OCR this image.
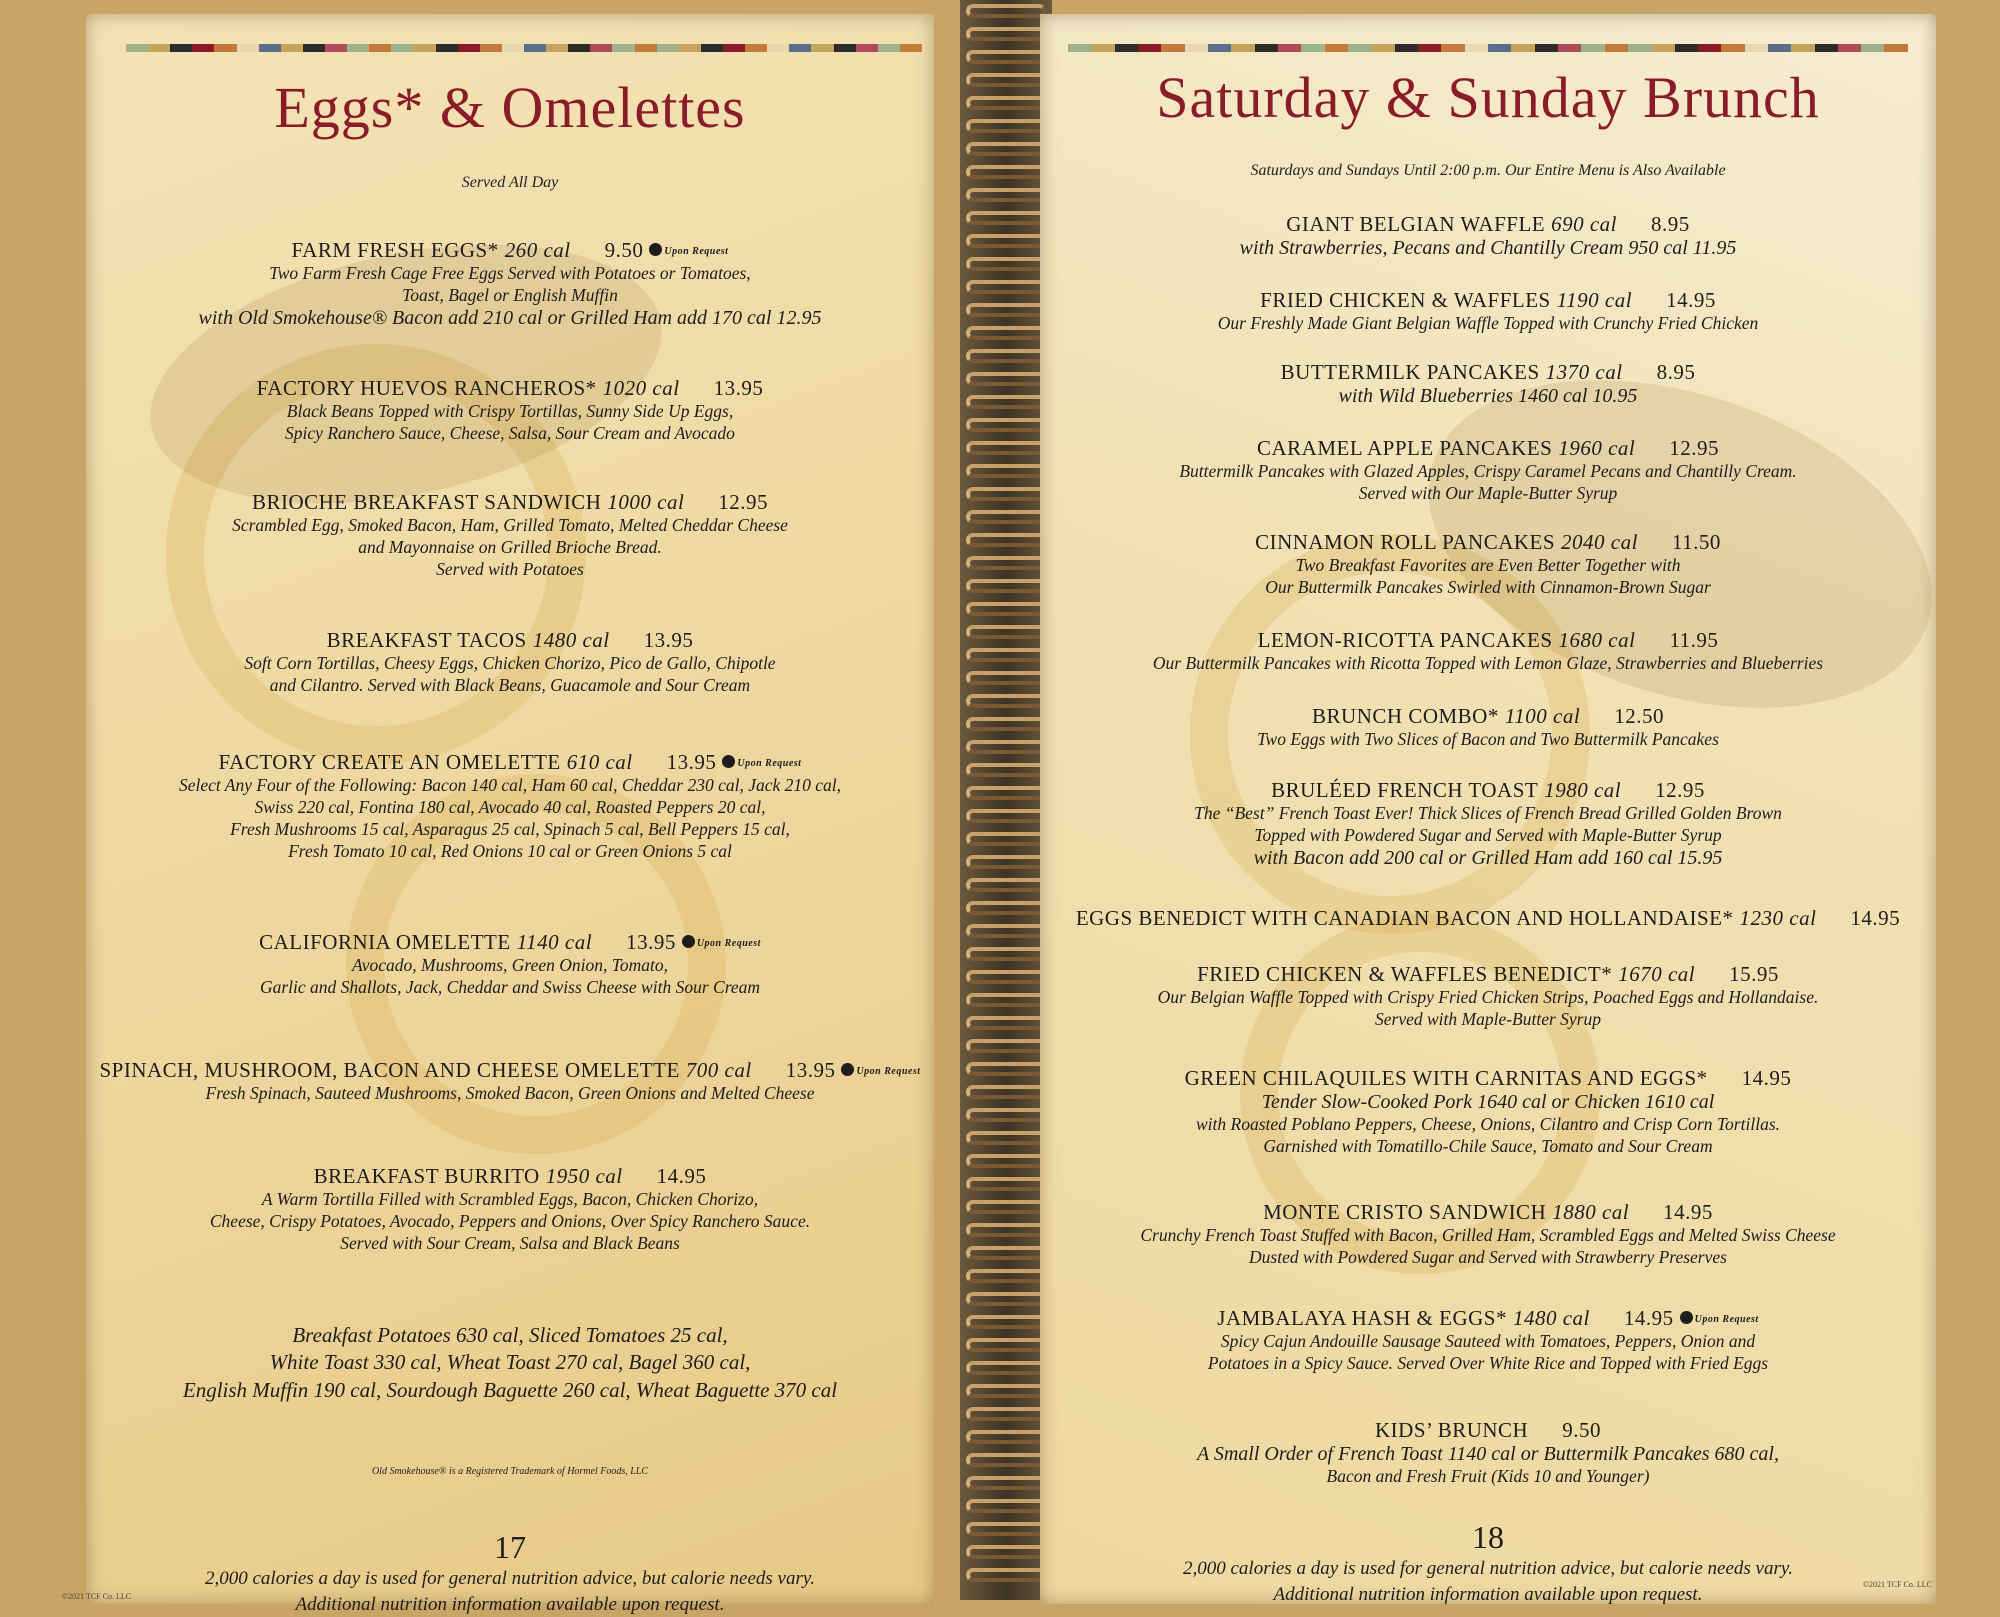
Eggs* & Omelettes
Served All Day
FARM FRESH EGGS* 260 cal 9.50 Upon Request
Two Farm Fresh Cage Free Eggs Served with Potatoes or Tomatoes,
Toast, Bagel or English Muffin
with Old Smokehouse® Bacon add 210 cal or Grilled Ham add 170 cal 12.95
FACTORY HUEVOS RANCHEROS* 1020 cal 13.95
Black Beans Topped with Crispy Tortillas, Sunny Side Up Eggs,
Spicy Ranchero Sauce, Cheese, Salsa, Sour Cream and Avocado
BRIOCHE BREAKFAST SANDWICH 1000 cal 12.95
Scrambled Egg, Smoked Bacon, Ham, Grilled Tomato, Melted Cheddar Cheese
and Mayonnaise on Grilled Brioche Bread.
Served with Potatoes
BREAKFAST TACOS 1480 cal 13.95
Soft Corn Tortillas, Cheesy Eggs, Chicken Chorizo, Pico de Gallo, Chipotle
and Cilantro. Served with Black Beans, Guacamole and Sour Cream
FACTORY CREATE AN OMELETTE 610 cal 13.95 Upon Request
Select Any Four of the Following: Bacon 140 cal, Ham 60 cal, Cheddar 230 cal, Jack 210 cal,
Swiss 220 cal, Fontina 180 cal, Avocado 40 cal, Roasted Peppers 20 cal,
Fresh Mushrooms 15 cal, Asparagus 25 cal, Spinach 5 cal, Bell Peppers 15 cal,
Fresh Tomato 10 cal, Red Onions 10 cal or Green Onions 5 cal
CALIFORNIA OMELETTE 1140 cal 13.95 Upon Request
Avocado, Mushrooms, Green Onion, Tomato,
Garlic and Shallots, Jack, Cheddar and Swiss Cheese with Sour Cream
SPINACH, MUSHROOM, BACON AND CHEESE OMELETTE 700 cal 13.95 Upon Request
Fresh Spinach, Sauteed Mushrooms, Smoked Bacon, Green Onions and Melted Cheese
BREAKFAST BURRITO 1950 cal 14.95
A Warm Tortilla Filled with Scrambled Eggs, Bacon, Chicken Chorizo,
Cheese, Crispy Potatoes, Avocado, Peppers and Onions, Over Spicy Ranchero Sauce.
Served with Sour Cream, Salsa and Black Beans
Breakfast Potatoes 630 cal, Sliced Tomatoes 25 cal,
White Toast 330 cal, Wheat Toast 270 cal, Bagel 360 cal,
English Muffin 190 cal, Sourdough Baguette 260 cal, Wheat Baguette 370 cal
Old Smokehouse® is a Registered Trademark of Hormel Foods, LLC
17
2,000 calories a day is used for general nutrition advice, but calorie needs vary.
Additional nutrition information available upon request.
©2021 TCF Co. LLC
Saturday & Sunday Brunch
Saturdays and Sundays Until 2:00 p.m. Our Entire Menu is Also Available
GIANT BELGIAN WAFFLE 690 cal 8.95
with Strawberries, Pecans and Chantilly Cream 950 cal 11.95
FRIED CHICKEN & WAFFLES 1190 cal 14.95
Our Freshly Made Giant Belgian Waffle Topped with Crunchy Fried Chicken
BUTTERMILK PANCAKES 1370 cal 8.95
with Wild Blueberries 1460 cal 10.95
CARAMEL APPLE PANCAKES 1960 cal 12.95
Buttermilk Pancakes with Glazed Apples, Crispy Caramel Pecans and Chantilly Cream.
Served with Our Maple-Butter Syrup
CINNAMON ROLL PANCAKES 2040 cal 11.50
Two Breakfast Favorites are Even Better Together with
Our Buttermilk Pancakes Swirled with Cinnamon-Brown Sugar
LEMON-RICOTTA PANCAKES 1680 cal 11.95
Our Buttermilk Pancakes with Ricotta Topped with Lemon Glaze, Strawberries and Blueberries
BRUNCH COMBO* 1100 cal 12.50
Two Eggs with Two Slices of Bacon and Two Buttermilk Pancakes
BRULÉED FRENCH TOAST 1980 cal 12.95
The “Best” French Toast Ever! Thick Slices of French Bread Grilled Golden Brown
Topped with Powdered Sugar and Served with Maple-Butter Syrup
with Bacon add 200 cal or Grilled Ham add 160 cal 15.95
EGGS BENEDICT WITH CANADIAN BACON AND HOLLANDAISE* 1230 cal 14.95
FRIED CHICKEN & WAFFLES BENEDICT* 1670 cal 15.95
Our Belgian Waffle Topped with Crispy Fried Chicken Strips, Poached Eggs and Hollandaise.
Served with Maple-Butter Syrup
GREEN CHILAQUILES WITH CARNITAS AND EGGS* 14.95
Tender Slow-Cooked Pork 1640 cal or Chicken 1610 cal
with Roasted Poblano Peppers, Cheese, Onions, Cilantro and Crisp Corn Tortillas.
Garnished with Tomatillo-Chile Sauce, Tomato and Sour Cream
MONTE CRISTO SANDWICH 1880 cal 14.95
Crunchy French Toast Stuffed with Bacon, Grilled Ham, Scrambled Eggs and Melted Swiss Cheese
Dusted with Powdered Sugar and Served with Strawberry Preserves
JAMBALAYA HASH & EGGS* 1480 cal 14.95 Upon Request
Spicy Cajun Andouille Sausage Sauteed with Tomatoes, Peppers, Onion and
Potatoes in a Spicy Sauce. Served Over White Rice and Topped with Fried Eggs
KIDS’ BRUNCH 9.50
A Small Order of French Toast 1140 cal or Buttermilk Pancakes 680 cal,
Bacon and Fresh Fruit (Kids 10 and Younger)
18
2,000 calories a day is used for general nutrition advice, but calorie needs vary.
Additional nutrition information available upon request.	©2021 TCF Co. LLC
